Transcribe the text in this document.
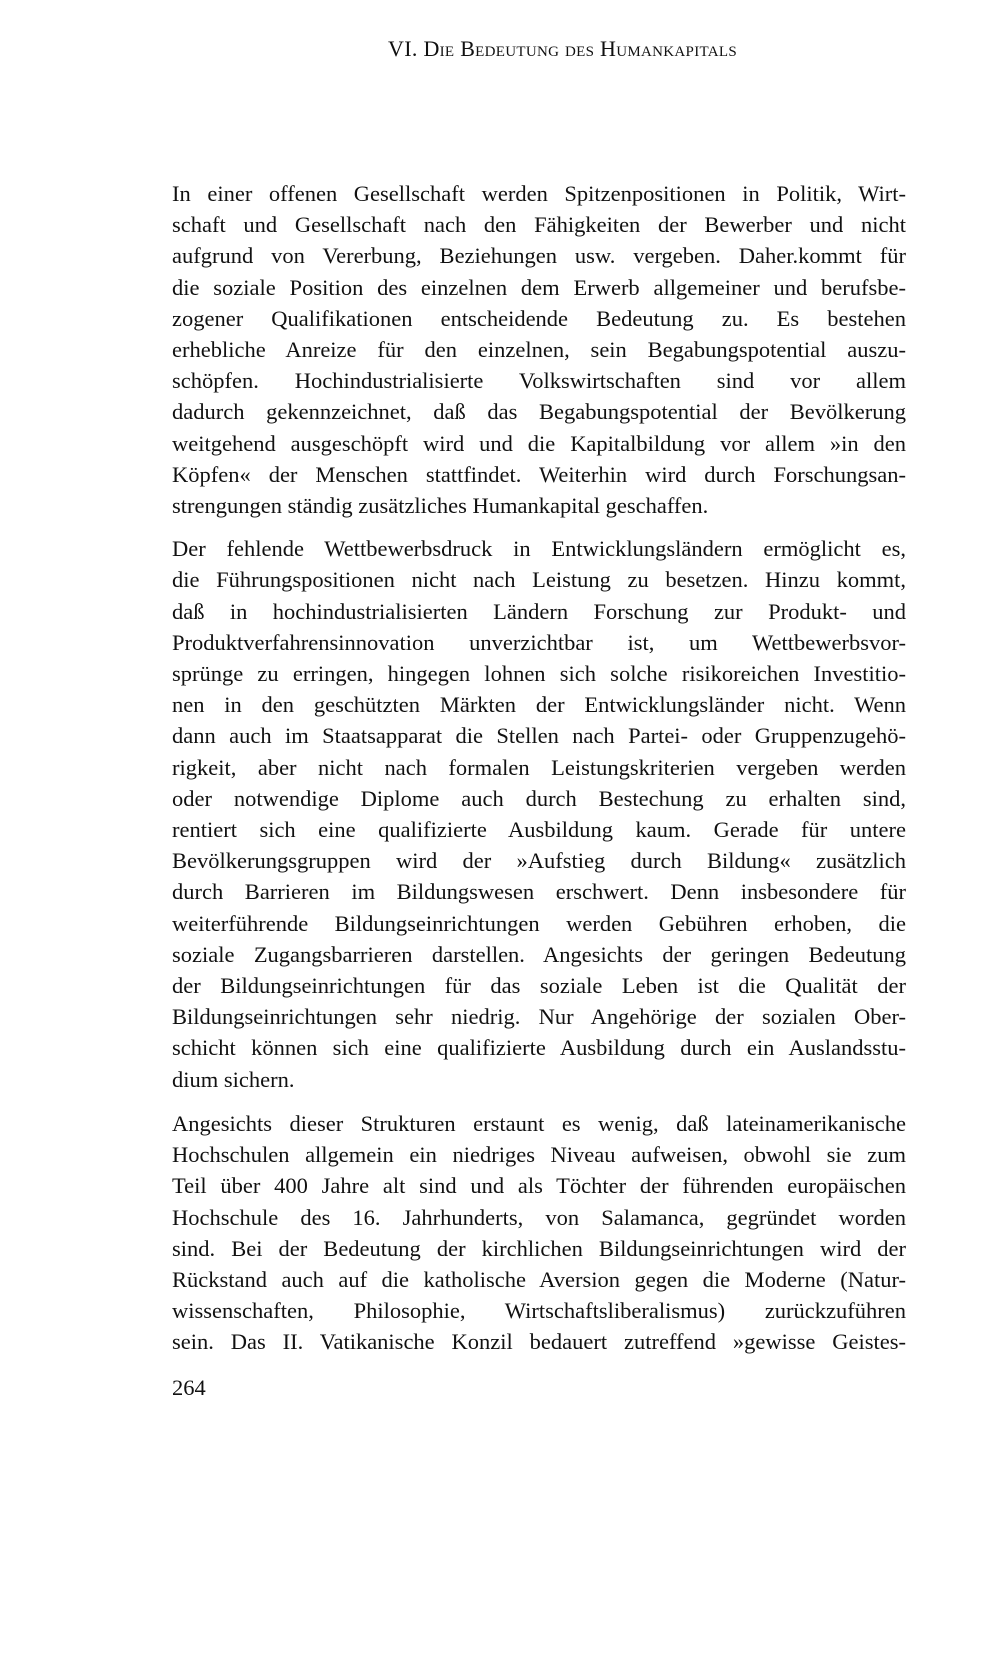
VI. Die Bedeutung des Humankapitals
In einer offenen Gesellschaft werden Spitzenpositionen in Politik, Wirt-
schaft und Gesellschaft nach den Fähigkeiten der Bewerber und nicht
aufgrund von Vererbung, Beziehungen usw. vergeben. Daher.kommt für
die soziale Position des einzelnen dem Erwerb allgemeiner und berufsbe-
zogener Qualifikationen entscheidende Bedeutung zu. Es bestehen
erhebliche Anreize für den einzelnen, sein Begabungspotential auszu-
schöpfen. Hochindustrialisierte Volkswirtschaften sind vor allem
dadurch gekennzeichnet, daß das Begabungspotential der Bevölkerung
weitgehend ausgeschöpft wird und die Kapitalbildung vor allem »in den
Köpfen« der Menschen stattfindet. Weiterhin wird durch Forschungsan-
strengungen ständig zusätzliches Humankapital geschaffen.
Der fehlende Wettbewerbsdruck in Entwicklungsländern ermöglicht es,
die Führungspositionen nicht nach Leistung zu besetzen. Hinzu kommt,
daß in hochindustrialisierten Ländern Forschung zur Produkt- und
Produktverfahrensinnovation unverzichtbar ist, um Wettbewerbsvor-
sprünge zu erringen, hingegen lohnen sich solche risikoreichen Investitio-
nen in den geschützten Märkten der Entwicklungsländer nicht. Wenn
dann auch im Staatsapparat die Stellen nach Partei- oder Gruppenzugehö-
rigkeit, aber nicht nach formalen Leistungskriterien vergeben werden
oder notwendige Diplome auch durch Bestechung zu erhalten sind,
rentiert sich eine qualifizierte Ausbildung kaum. Gerade für untere
Bevölkerungsgruppen wird der »Aufstieg durch Bildung« zusätzlich
durch Barrieren im Bildungswesen erschwert. Denn insbesondere für
weiterführende Bildungseinrichtungen werden Gebühren erhoben, die
soziale Zugangsbarrieren darstellen. Angesichts der geringen Bedeutung
der Bildungseinrichtungen für das soziale Leben ist die Qualität der
Bildungseinrichtungen sehr niedrig. Nur Angehörige der sozialen Ober-
schicht können sich eine qualifizierte Ausbildung durch ein Auslandsstu-
dium sichern.
Angesichts dieser Strukturen erstaunt es wenig, daß lateinamerikanische
Hochschulen allgemein ein niedriges Niveau aufweisen, obwohl sie zum
Teil über 400 Jahre alt sind und als Töchter der führenden europäischen
Hochschule des 16. Jahrhunderts, von Salamanca, gegründet worden
sind. Bei der Bedeutung der kirchlichen Bildungseinrichtungen wird der
Rückstand auch auf die katholische Aversion gegen die Moderne (Natur-
wissenschaften, Philosophie, Wirtschaftsliberalismus) zurückzuführen
sein. Das II. Vatikanische Konzil bedauert zutreffend »gewisse Geistes-
264
